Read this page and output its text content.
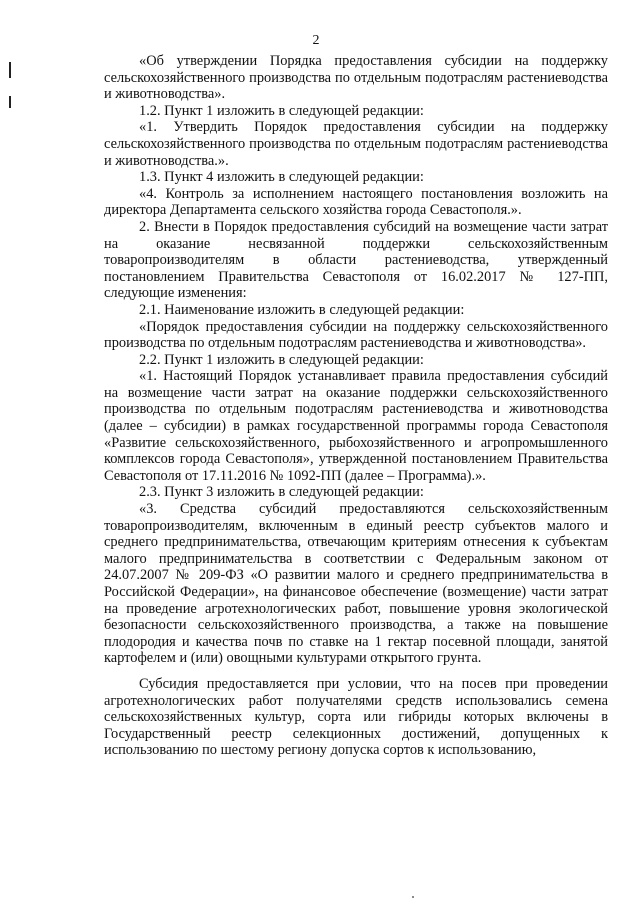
2

«Об утверждении Порядка предоставления субсидии на поддержку сельскохозяйственного производства по отдельным подотраслям растениеводства и животноводства».

1.2. Пункт 1 изложить в следующей редакции:

«1. Утвердить Порядок предоставления субсидии на поддержку сельскохозяйственного производства по отдельным подотраслям растениеводства и животноводства.».

1.3. Пункт 4 изложить в следующей редакции:

«4. Контроль за исполнением настоящего постановления возложить на директора Департамента сельского хозяйства города Севастополя.».

2. Внести в Порядок предоставления субсидий на возмещение части затрат на оказание несвязанной поддержки сельскохозяйственным товаропроизводителям в области растениеводства, утвержденный постановлением Правительства Севастополя от 16.02.2017 № 127-ПП, следующие изменения:

2.1. Наименование изложить в следующей редакции:

«Порядок предоставления субсидии на поддержку сельскохозяйственного производства по отдельным подотраслям растениеводства и животноводства».

2.2. Пункт 1 изложить в следующей редакции:

«1. Настоящий Порядок устанавливает правила предоставления субсидий на возмещение части затрат на оказание поддержки сельскохозяйственного производства по отдельным подотраслям растениеводства и животноводства (далее – субсидии) в рамках государственной программы города Севастополя «Развитие сельскохозяйственного, рыбохозяйственного и агропромышленного комплексов города Севастополя», утвержденной постановлением Правительства Севастополя от 17.11.2016 № 1092-ПП (далее – Программа).».

2.3. Пункт 3 изложить в следующей редакции:

«3. Средства субсидий предоставляются сельскохозяйственным товаропроизводителям, включенным в единый реестр субъектов малого и среднего предпринимательства, отвечающим критериям отнесения к субъектам малого предпринимательства в соответствии с Федеральным законом от 24.07.2007 № 209-ФЗ «О развитии малого и среднего предпринимательства в Российской Федерации», на финансовое обеспечение (возмещение) части затрат на проведение агротехнологических работ, повышение уровня экологической безопасности сельскохозяйственного производства, а также на повышение плодородия и качества почв по ставке на 1 гектар посевной площади, занятой картофелем и (или) овощными культурами открытого грунта.

Субсидия предоставляется при условии, что на посев при проведении агротехнологических работ получателями средств использовались семена сельскохозяйственных культур, сорта или гибриды которых включены в Государственный реестр селекционных достижений, допущенных к использованию по шестому региону допуска сортов к использованию,
